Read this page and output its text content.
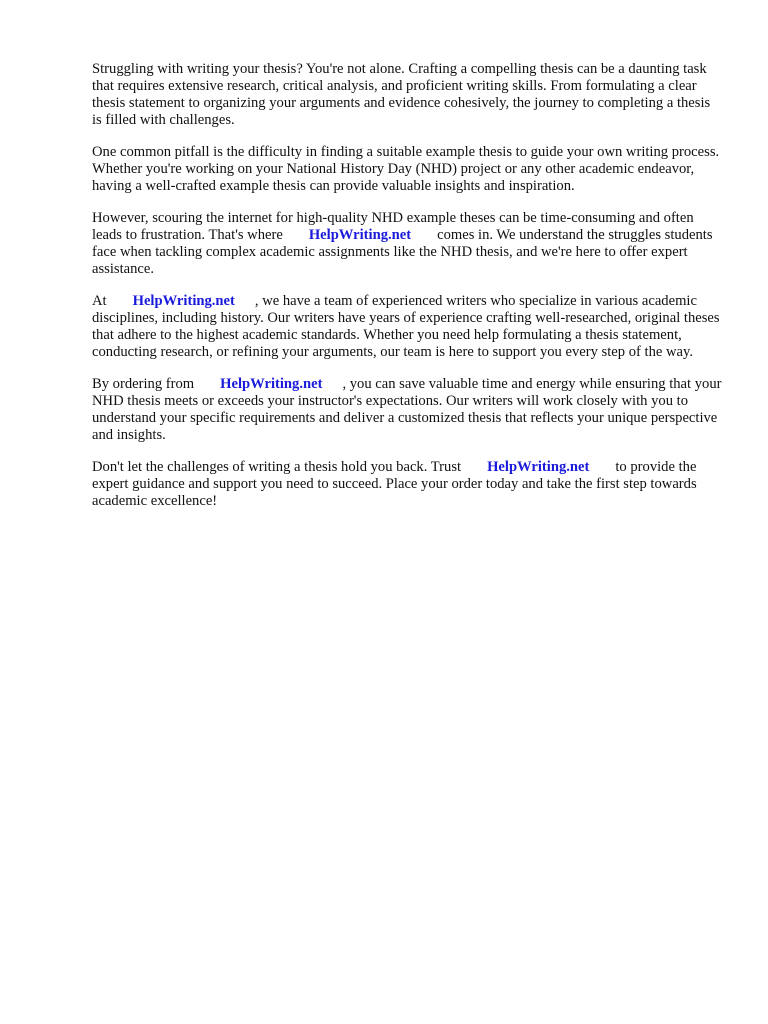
Struggling with writing your thesis? You're not alone. Crafting a compelling thesis can be a daunting task that requires extensive research, critical analysis, and proficient writing skills. From formulating a clear thesis statement to organizing your arguments and evidence cohesively, the journey to completing a thesis is filled with challenges.

One common pitfall is the difficulty in finding a suitable example thesis to guide your own writing process. Whether you're working on your National History Day (NHD) project or any other academic endeavor, having a well-crafted example thesis can provide valuable insights and inspiration.

However, scouring the internet for high-quality NHD example theses can be time-consuming and often leads to frustration. That's where HelpWriting.net comes in. We understand the struggles students face when tackling complex academic assignments like the NHD thesis, and we're here to offer expert assistance.

At HelpWriting.net , we have a team of experienced writers who specialize in various academic disciplines, including history. Our writers have years of experience crafting well-researched, original theses that adhere to the highest academic standards. Whether you need help formulating a thesis statement, conducting research, or refining your arguments, our team is here to support you every step of the way.

By ordering from HelpWriting.net , you can save valuable time and energy while ensuring that your NHD thesis meets or exceeds your instructor's expectations. Our writers will work closely with you to understand your specific requirements and deliver a customized thesis that reflects your unique perspective and insights.

Don't let the challenges of writing a thesis hold you back. Trust HelpWriting.net to provide the expert guidance and support you need to succeed. Place your order today and take the first step towards academic excellence!
